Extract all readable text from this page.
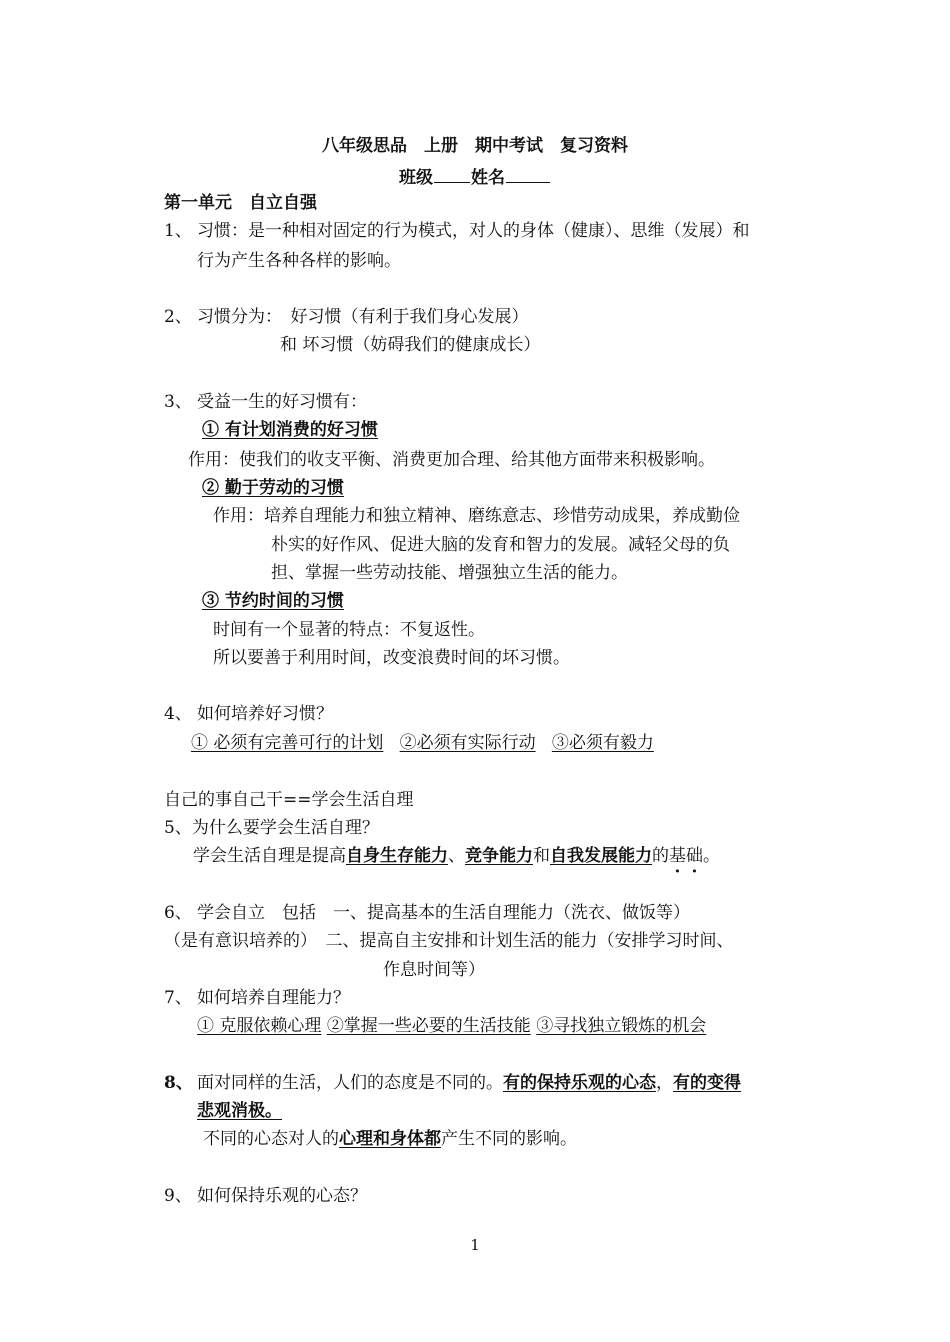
八年级思品　上册　期中考试　复习资料
班级 姓名
第一单元　自立自强
1、 习惯：是一种相对固定的行为模式，对人的身体（健康）、思维（发展）和
行为产生各种各样的影响。
2、 习惯分为：　好习惯（有利于我们身心发展）
和 坏习惯（妨碍我们的健康成长）
3、 受益一生的好习惯有：
① 有计划消费的好习惯
作用：使我们的收支平衡、消费更加合理、给其他方面带来积极影响。
② 勤于劳动的习惯
作用：培养自理能力和独立精神、磨练意志、珍惜劳动成果，养成勤俭
朴实的好作风、促进大脑的发育和智力的发展。减轻父母的负
担、掌握一些劳动技能、增强独立生活的能力。
③ 节约时间的习惯
时间有一个显著的特点：不复返性。
所以要善于利用时间，改变浪费时间的坏习惯。
4、 如何培养好习惯？
① 必须有完善可行的计划 ②必须有实际行动 ③必须有毅力
自己的事自己干==学会生活自理
5、为什么要学会生活自理？
学会生活自理是提高自身生存能力、竞争能力和自我发展能力的基础。
6、 学会自立　包括　一、提高基本的生活自理能力（洗衣、做饭等）
（是有意识培养的）　二、提高自主安排和计划生活的能力（安排学习时间、
作息时间等）
7、 如何培养自理能力？
① 克服依赖心理 ②掌握一些必要的生活技能 ③寻找独立锻炼的机会
8、 面对同样的生活，人们的态度是不同的。有的保持乐观的心态，有的变得
悲观消极。
不同的心态对人的心理和身体都产生不同的影响。
9、 如何保持乐观的心态？
1
